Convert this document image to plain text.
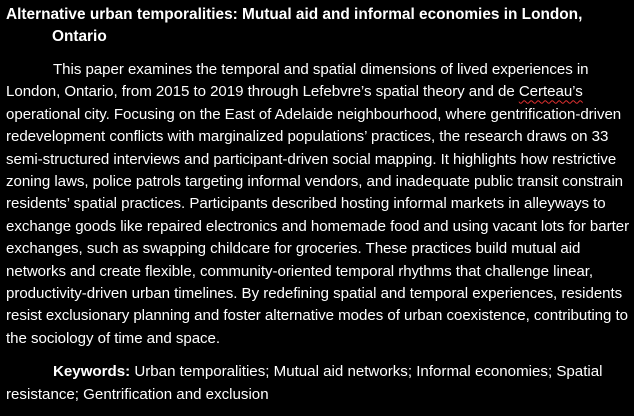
Alternative urban temporalities: Mutual aid and informal economies in London, Ontario

This paper examines the temporal and spatial dimensions of lived experiences in London, Ontario, from 2015 to 2019 through Lefebvre’s spatial theory and de Certeau’s operational city. Focusing on the East of Adelaide neighbourhood, where gentrification-driven redevelopment conflicts with marginalized populations’ practices, the research draws on 33 semi-structured interviews and participant-driven social mapping. It highlights how restrictive zoning laws, police patrols targeting informal vendors, and inadequate public transit constrain residents’ spatial practices. Participants described hosting informal markets in alleyways to exchange goods like repaired electronics and homemade food and using vacant lots for barter exchanges, such as swapping childcare for groceries. These practices build mutual aid networks and create flexible, community-oriented temporal rhythms that challenge linear, productivity-driven urban timelines. By redefining spatial and temporal experiences, residents resist exclusionary planning and foster alternative modes of urban coexistence, contributing to the sociology of time and space.

Keywords: Urban temporalities; Mutual aid networks; Informal economies; Spatial resistance; Gentrification and exclusion
